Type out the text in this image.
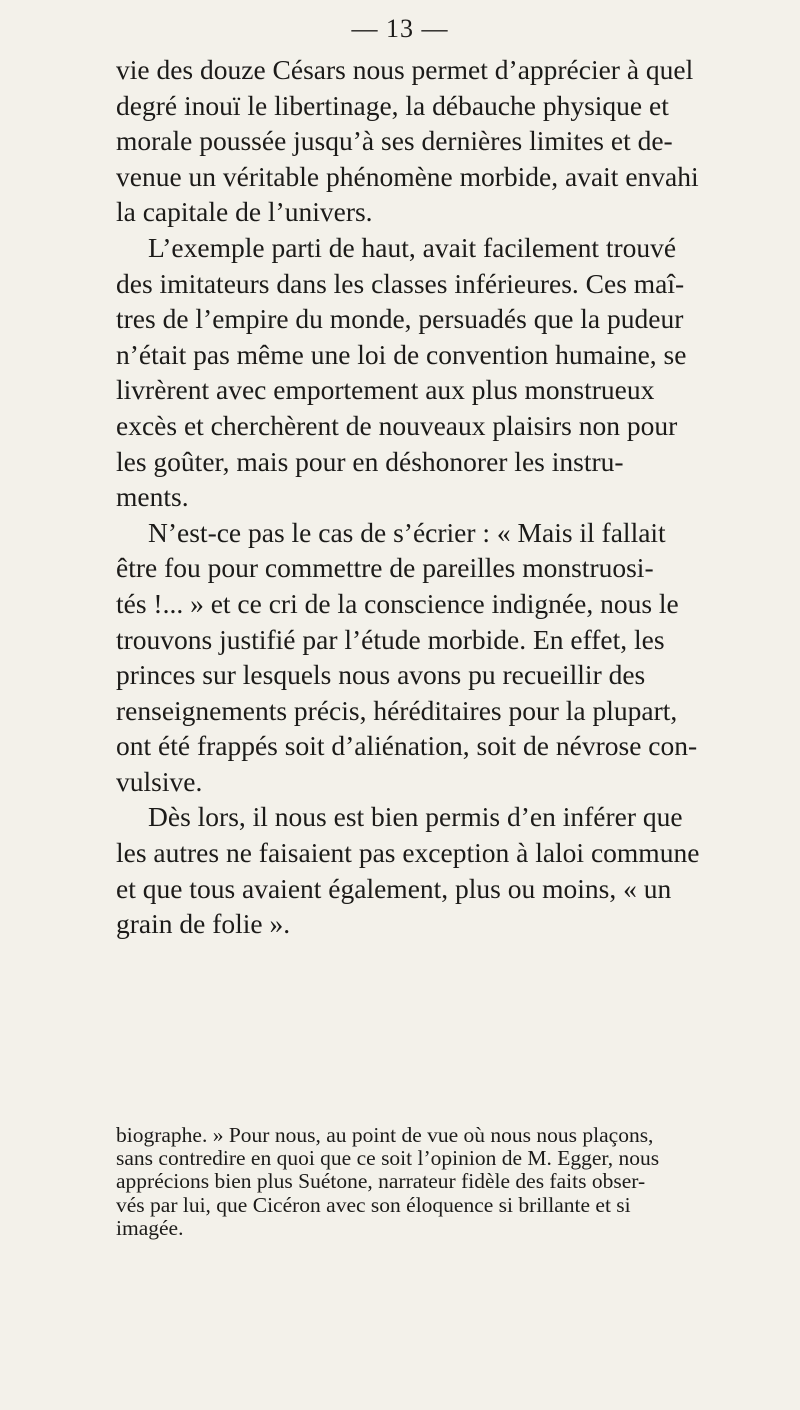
— 13 —
vie des douze Césars nous permet d’apprécier à quel
degré inouï le libertinage, la débauche physique et
morale poussée jusqu’à ses dernières limites et de-
venue un véritable phénomène morbide, avait envahi
la capitale de l’univers.
L’exemple parti de haut, avait facilement trouvé
des imitateurs dans les classes inférieures. Ces maî-
tres de l’empire du monde, persuadés que la pudeur
n’était pas même une loi de convention humaine, se
livrèrent avec emportement aux plus monstrueux
excès et cherchèrent de nouveaux plaisirs non pour
les goûter, mais pour en déshonorer les instru-
ments.
N’est-ce pas le cas de s’écrier : « Mais il fallait
être fou pour commettre de pareilles monstruosi-
tés !... » et ce cri de la conscience indignée, nous le
trouvons justifié par l’étude morbide. En effet, les
princes sur lesquels nous avons pu recueillir des
renseignements précis, héréditaires pour la plupart,
ont été frappés soit d’aliénation, soit de névrose con-
vulsive.
Dès lors, il nous est bien permis d’en inférer que
les autres ne faisaient pas exception à laloi commune
et que tous avaient également, plus ou moins, « un
grain de folie ».
biographe. » Pour nous, au point de vue où nous nous plaçons,
sans contredire en quoi que ce soit l’opinion de M. Egger, nous
apprécions bien plus Suétone, narrateur fidèle des faits obser-
vés par lui, que Cicéron avec son éloquence si brillante et si
imagée.
